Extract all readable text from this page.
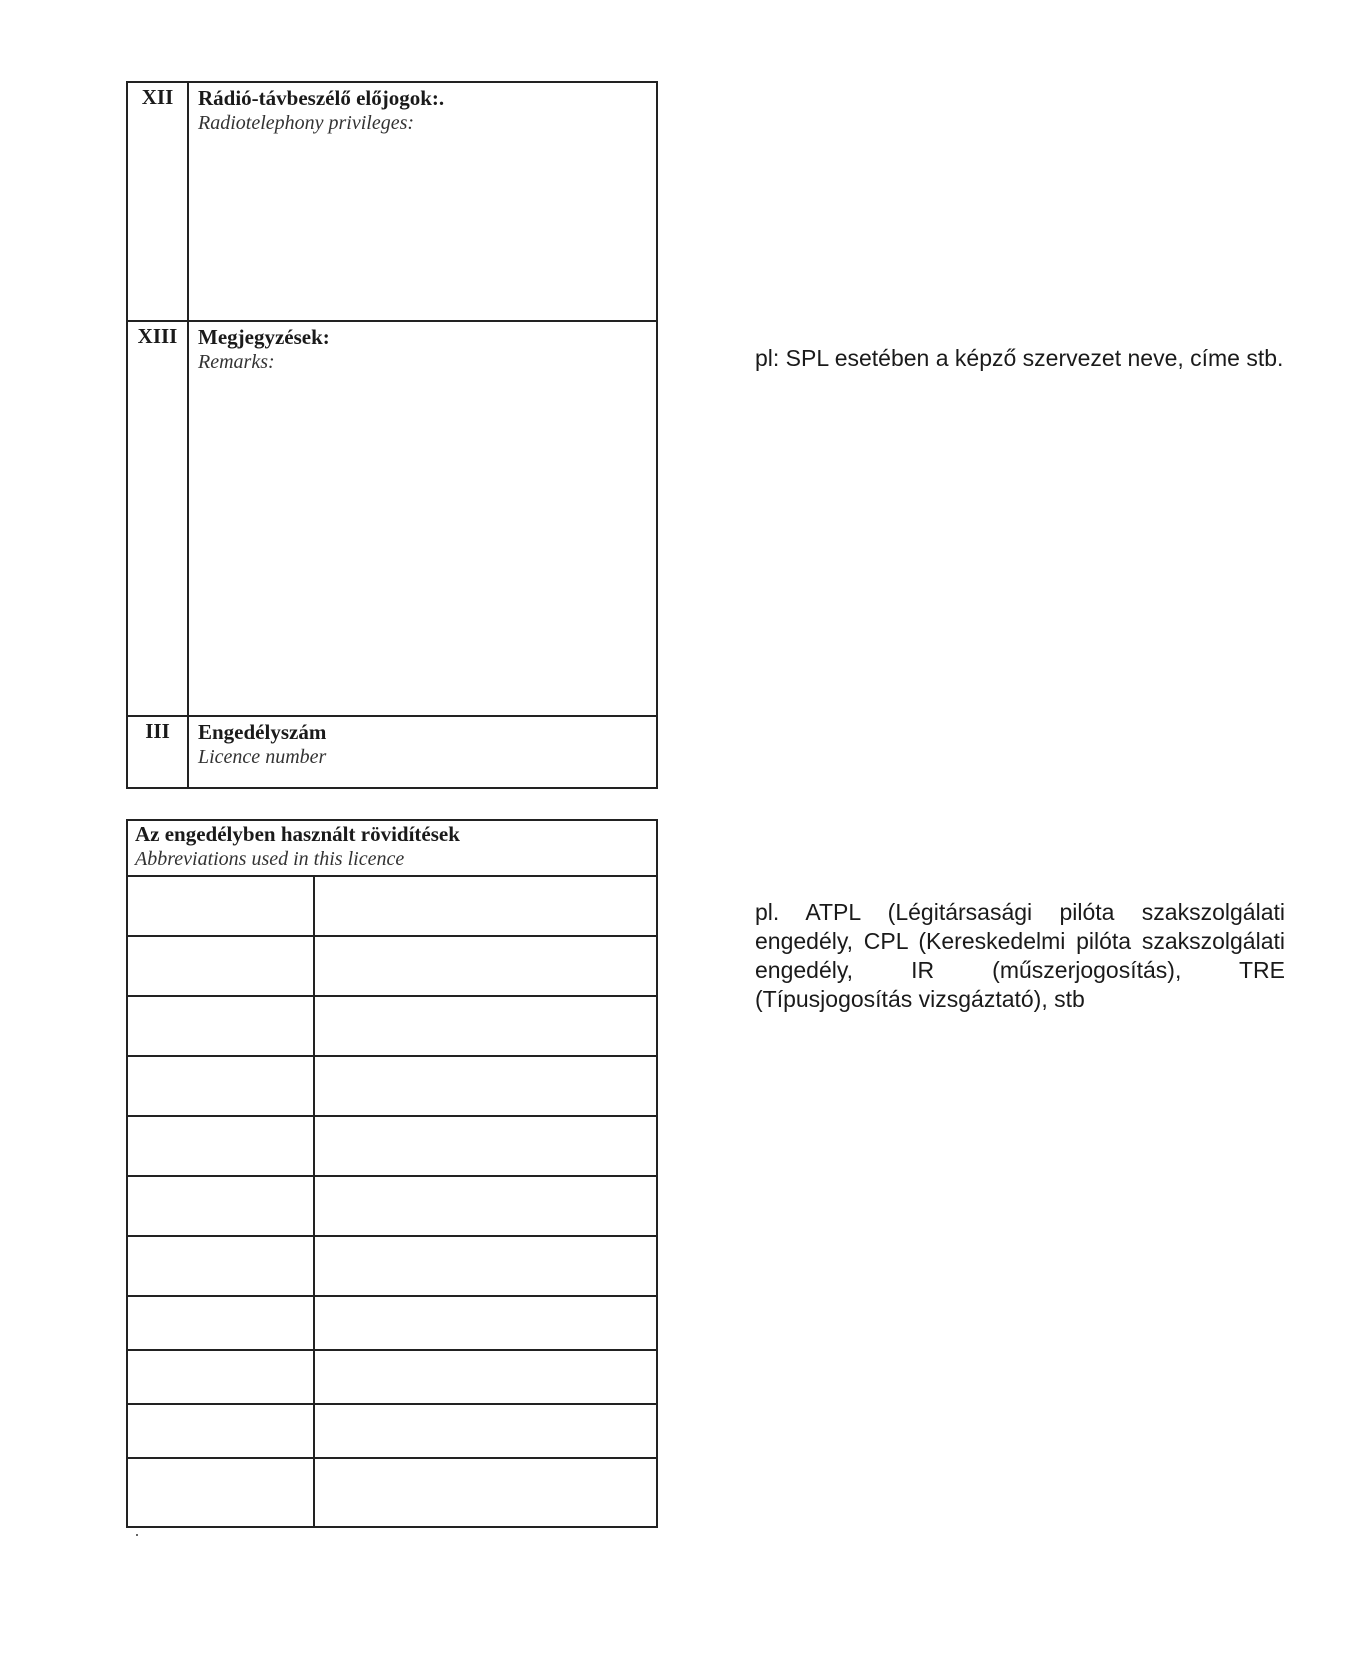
XII	Rádió-távbeszélő előjogok:.
Radiotelephony privileges:
XIII Megjegyzések:
Remarks:
III	Engedélyszám
Licence number
Az engedélyben használt rövidítések
Abbreviations used in this licence
pl: SPL esetében a képző szervezet neve, címe stb.
pl. ATPL (Légitársasági pilóta szakszolgálati engedély, CPL (Kereskedelmi pilóta szakszolgálati engedély, IR (műszerjogosítás), TRE (Típusjogosítás vizsgáztató), stb
